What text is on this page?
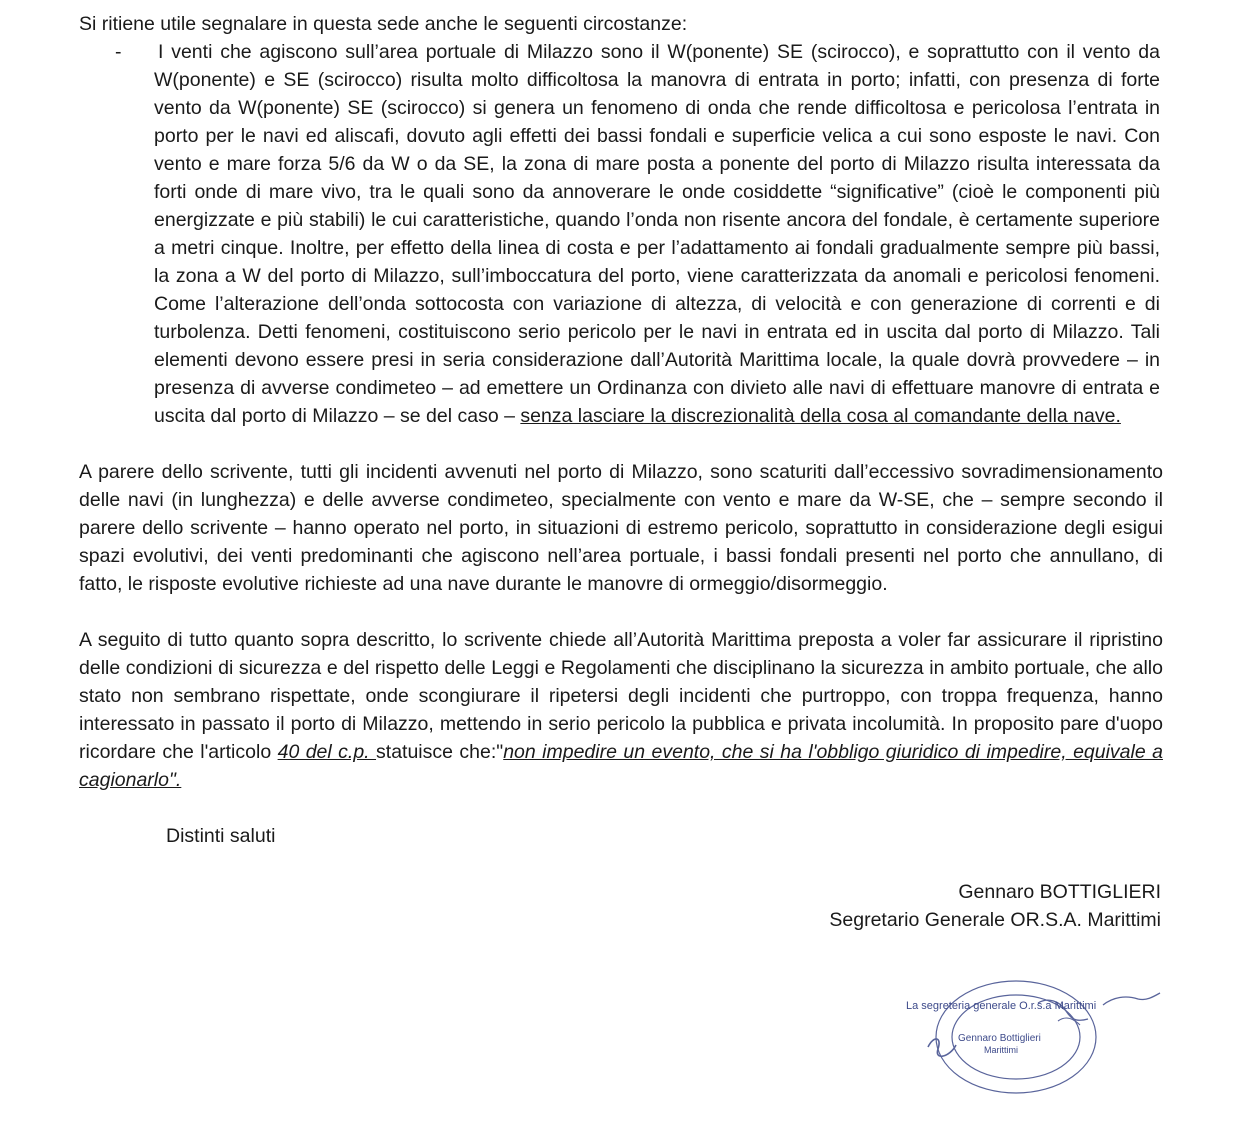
Si ritiene utile segnalare in questa sede anche le seguenti circostanze:

- I venti che agiscono sull’area portuale di Milazzo sono il W(ponente) SE (scirocco), e soprattutto con il vento da W(ponente) e SE (scirocco) risulta molto difficoltosa la manovra di entrata in porto; infatti, con presenza di forte vento da W(ponente) SE (scirocco) si genera un fenomeno di onda che rende difficoltosa e pericolosa l’entrata in porto per le navi ed aliscafi, dovuto agli effetti dei bassi fondali e superficie velica a cui sono esposte le navi. Con vento e mare forza 5/6 da W o da SE, la zona di mare posta a ponente del porto di Milazzo risulta interessata da forti onde di mare vivo, tra le quali sono da annoverare le onde cosiddette “significative” (cioè le componenti più energizzate e più stabili) le cui caratteristiche, quando l’onda non risente ancora del fondale, è certamente superiore a metri cinque. Inoltre, per effetto della linea di costa e per l’adattamento ai fondali gradualmente sempre più bassi, la zona a W del porto di Milazzo, sull’imboccatura del porto, viene caratterizzata da anomali e pericolosi fenomeni. Come l’alterazione dell’onda sottocosta con variazione di altezza, di velocità e con generazione di correnti e di turbolenza. Detti fenomeni, costituiscono serio pericolo per le navi in entrata ed in uscita dal porto di Milazzo. Tali elementi devono essere presi in seria considerazione dall’Autorità Marittima locale, la quale dovrà provvedere – in presenza di avverse condimeteo – ad emettere un Ordinanza con divieto alle navi di effettuare manovre di entrata e uscita dal porto di Milazzo – se del caso – senza lasciare la discrezionalità della cosa al comandante della nave.

A parere dello scrivente, tutti gli incidenti avvenuti nel porto di Milazzo, sono scaturiti dall’eccessivo sovradimensionamento delle navi (in lunghezza) e delle avverse condimeteo, specialmente con vento e mare da W-SE, che – sempre secondo il parere dello scrivente – hanno operato nel porto, in situazioni di estremo pericolo, soprattutto in considerazione degli esigui spazi evolutivi, dei venti predominanti che agiscono nell’area portuale, i bassi fondali presenti nel porto che annullano, di fatto, le risposte evolutive richieste ad una nave durante le manovre di ormeggio/disormeggio.

A seguito di tutto quanto sopra descritto, lo scrivente chiede all’Autorità Marittima preposta a voler far assicurare il ripristino delle condizioni di sicurezza e del rispetto delle Leggi e Regolamenti che disciplinano la sicurezza in ambito portuale, che allo stato non sembrano rispettate, onde scongiurare il ripetersi degli incidenti che purtroppo, con troppa frequenza, hanno interessato in passato il porto di Milazzo, mettendo in serio pericolo la pubblica e privata incolumità. In proposito pare d'uopo ricordare che l'articolo 40 del c.p. statuisce che:"non impedire un evento, che si ha l'obbligo giuridico di impedire, equivale a cagionarlo".

Distinti saluti

Gennaro BOTTIGLIERI

Segretario Generale OR.S.A. Marittimi

La segreteria generale O.r.s.a Marittimi
Gennaro Bottiglieri
Marittimi
